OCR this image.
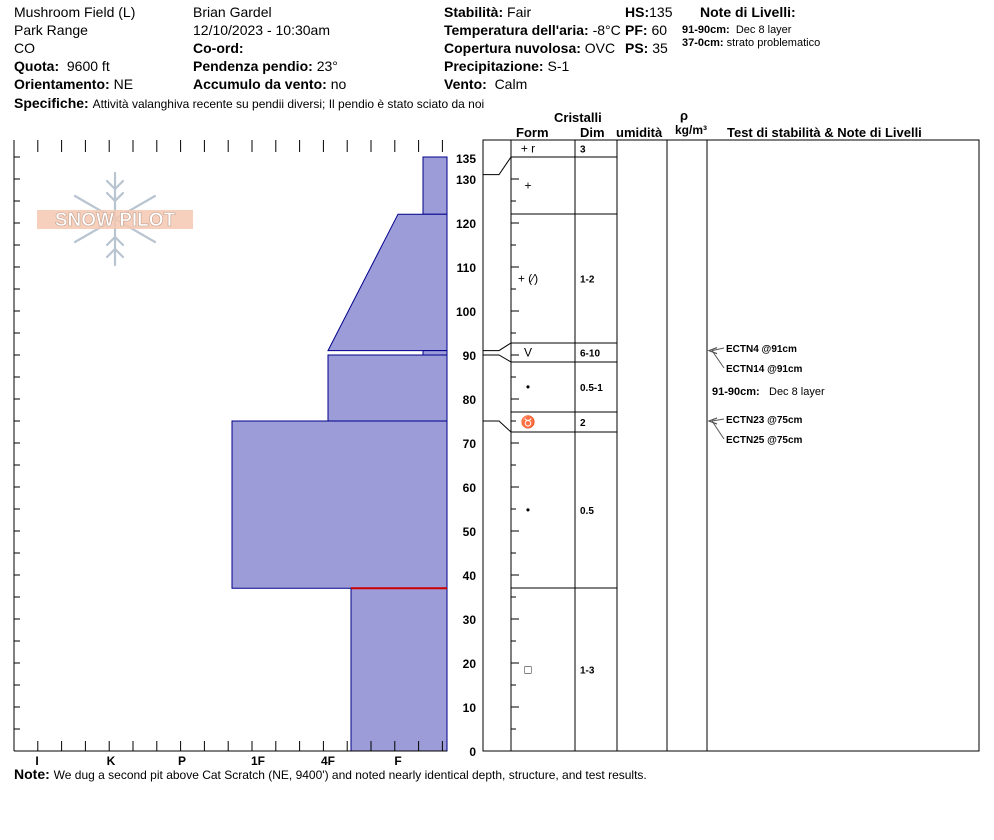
Mushroom Field (L)
Park Range
CO
Quota: 9600 ft
Orientamento: NE
Brian Gardel
12/10/2023 - 10:30am
Co-ord:
Pendenza pendio: 23°
Accumulo da vento: no
Stabilità: Fair
Temperatura dell'aria: -8°C
Copertura nuvolosa: OVC
Precipitazione: S-1
Vento: Calm
HS:135
PF: 60
PS: 35
Note di Livelli:
91-90cm: Dec 8 layer
37-0cm: strato problematico
Specifiche: Attività valanghiva recente su pendii diversi; Il pendio è stato sciato da noi
Cristalli
Form Dim umidità
ρ
kg/m³ Test di stabilità & Note di Livelli
SNOW PILOT
I	K	P	1F	4F	F
0
10
20
30
40
50
60
70
80
90
100
110
120
130
135
+ r	3
+
+ (⁄)	1-2
V	6-10
•	0.5-1
♉	2
•	0.5
□	1-3
ECTN4 @91cm
ECTN14 @91cm
ECTN23 @75cm
ECTN25 @75cm
91-90cm: Dec 8 layer
Note: We dug a second pit above Cat Scratch (NE, 9400') and noted nearly identical depth, structure, and test results.
